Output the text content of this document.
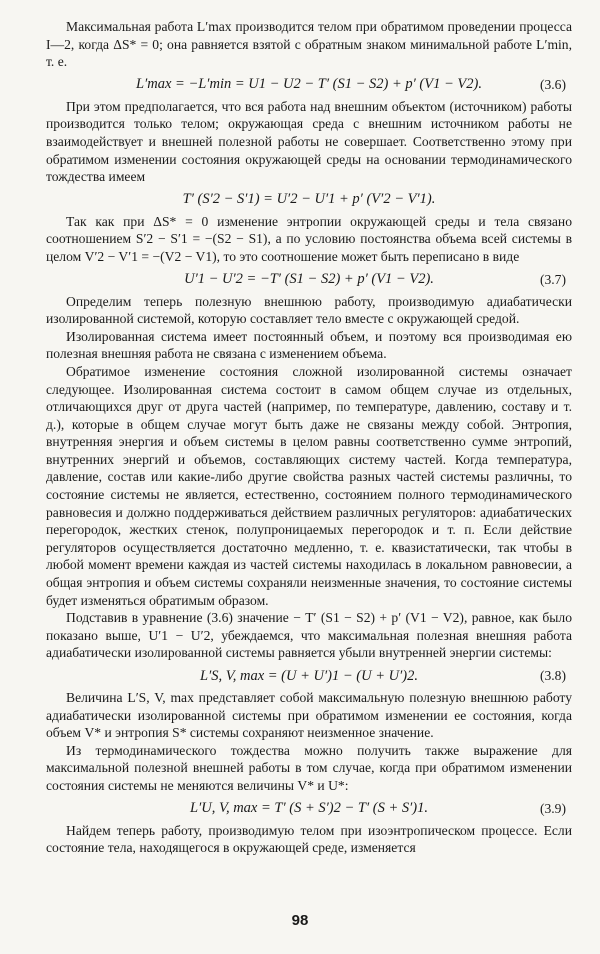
Максимальная работа L′max производится телом при обратимом проведении процесса I—2, когда ΔS* = 0; она равняется взятой с обратным знаком минимальной работе L′min, т. е.

L′max = −L′min = U1 − U2 − T′ (S1 − S2) + p′ (V1 − V2).	(3.6)

При этом предполагается, что вся работа над внешним объектом (источником) работы производится только телом; окружающая среда с внешним источником работы не взаимодействует и внешней полезной работы не совершает. Соответственно этому при обратимом изменении состояния окружающей среды на основании термодинамического тождества имеем

T′ (S′2 − S′1) = U′2 − U′1 + p′ (V′2 − V′1).

Так как при ΔS* = 0 изменение энтропии окружающей среды и тела связано соотношением S′2 − S′1 = −(S2 − S1), а по условию постоянства объема всей системы в целом V′2 − V′1 = −(V2 − V1), то это соотношение может быть переписано в виде

U′1 − U′2 = −T′ (S1 − S2) + p′ (V1 − V2).	(3.7)

Определим теперь полезную внешнюю работу, производимую адиабатически изолированной системой, которую составляет тело вместе с окружающей средой.

Изолированная система имеет постоянный объем, и поэтому вся производимая ею полезная внешняя работа не связана с изменением объема.

Обратимое изменение состояния сложной изолированной системы означает следующее. Изолированная система состоит в самом общем случае из отдельных, отличающихся друг от друга частей (например, по температуре, давлению, составу и т. д.), которые в общем случае могут быть даже не связаны между собой. Энтропия, внутренняя энергия и объем системы в целом равны соответственно сумме энтропий, внутренних энергий и объемов, составляющих систему частей. Когда температура, давление, состав или какие-либо другие свойства разных частей системы различны, то состояние системы не является, естественно, состоянием полного термодинамического равновесия и должно поддерживаться действием различных регуляторов: адиабатических перегородок, жестких стенок, полупроницаемых перегородок и т. п. Если действие регуляторов осуществляется достаточно медленно, т. е. квазистатически, так чтобы в любой момент времени каждая из частей системы находилась в локальном равновесии, а общая энтропия и объем системы сохраняли неизменные значения, то состояние системы будет изменяться обратимым образом.

Подставив в уравнение (3.6) значение − T′ (S1 − S2) + p′ (V1 − V2), равное, как было показано выше, U′1 − U′2, убеждаемся, что максимальная полезная внешняя работа адиабатически изолированной системы равняется убыли внутренней энергии системы:

L′S, V, max = (U + U′)1 − (U + U′)2.	(3.8)

Величина L′S, V, max представляет собой максимальную полезную внешнюю работу адиабатически изолированной системы при обратимом изменении ее состояния, когда объем V* и энтропия S* системы сохраняют неизменное значение.

Из термодинамического тождества можно получить также выражение для максимальной полезной внешней работы в том случае, когда при обратимом изменении состояния системы не меняются величины V* и U*:

L′U, V, max = T′ (S + S′)2 − T′ (S + S′)1.	(3.9)

Найдем теперь работу, производимую телом при изоэнтропическом процессе. Если состояние тела, находящегося в окружающей среде, изменяется

98
